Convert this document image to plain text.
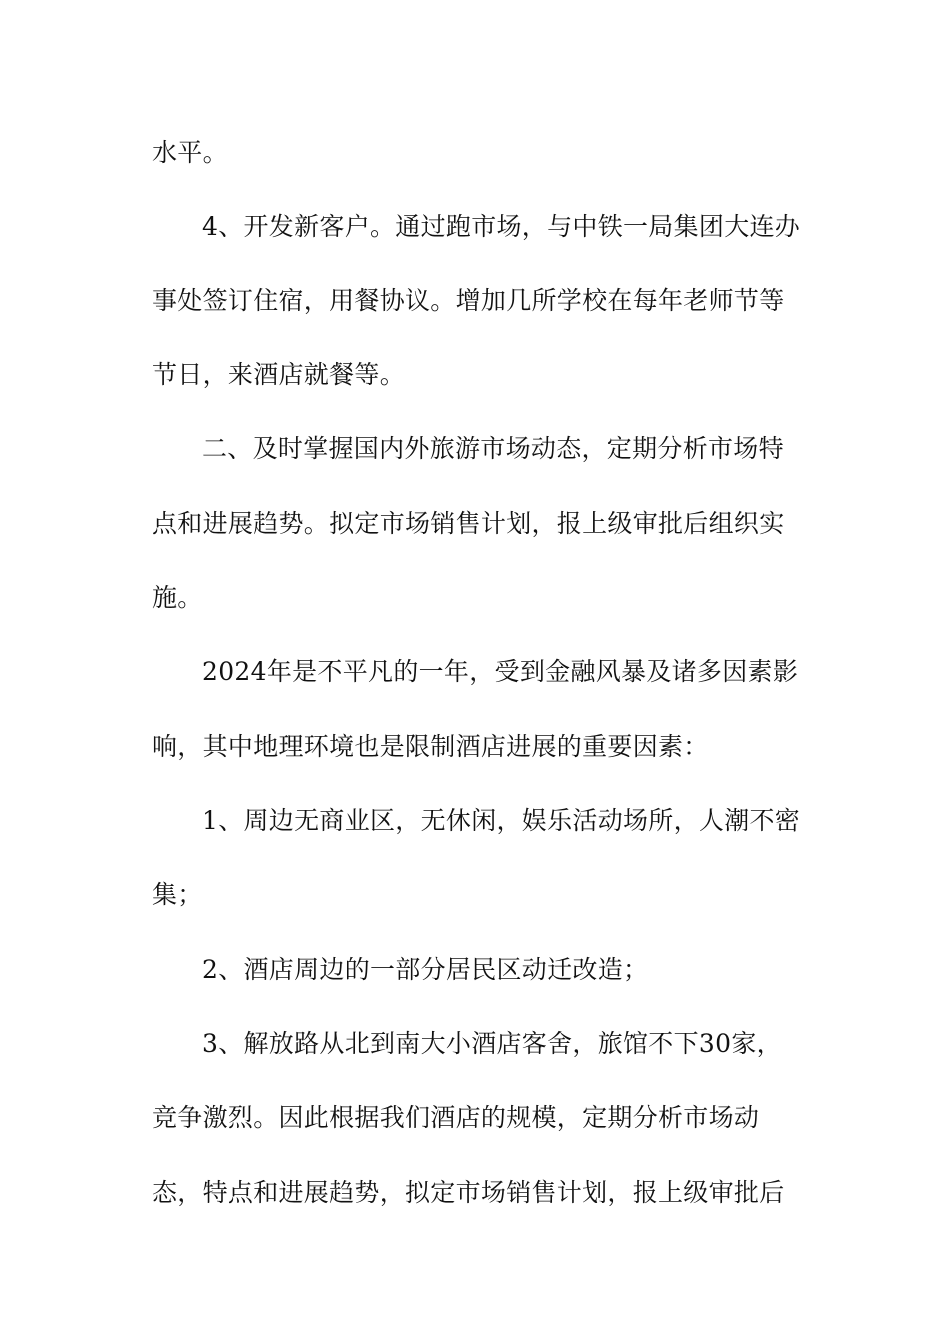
水平。
4、开发新客户。通过跑市场，与中铁一局集团大连办
事处签订住宿，用餐协议。增加几所学校在每年老师节等
节日，来酒店就餐等。
二、及时掌握国内外旅游市场动态，定期分析市场特
点和进展趋势。拟定市场销售计划，报上级审批后组织实
施。
2024年是不平凡的一年，受到金融风暴及诸多因素影
响，其中地理环境也是限制酒店进展的重要因素：
1、周边无商业区，无休闲，娱乐活动场所，人潮不密
集；
2、酒店周边的一部分居民区动迁改造；
3、解放路从北到南大小酒店客舍，旅馆不下30家，
竞争激烈。因此根据我们酒店的规模，定期分析市场动
态，特点和进展趋势，拟定市场销售计划，报上级审批后
